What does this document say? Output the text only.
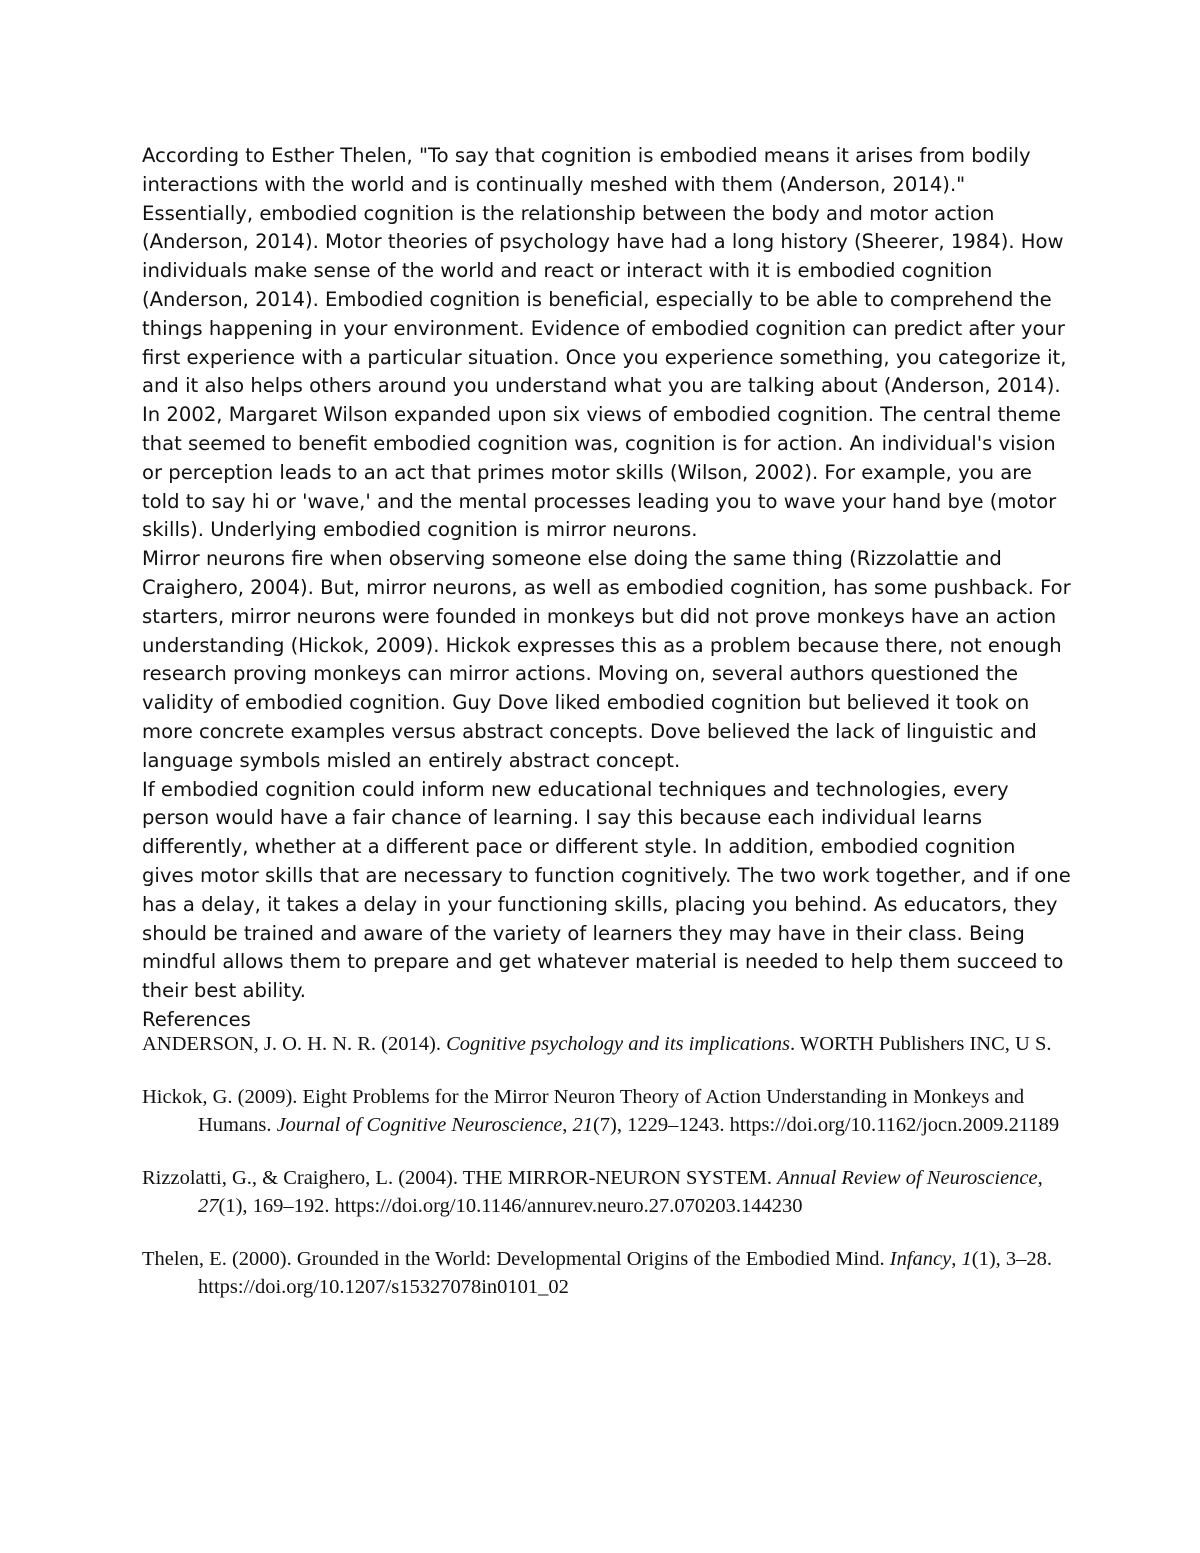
According to Esther Thelen, "To say that cognition is embodied means it arises from bodily interactions with the world and is continually meshed with them (Anderson, 2014)." Essentially, embodied cognition is the relationship between the body and motor action (Anderson, 2014). Motor theories of psychology have had a long history (Sheerer, 1984). How individuals make sense of the world and react or interact with it is embodied cognition (Anderson, 2014). Embodied cognition is beneficial, especially to be able to comprehend the things happening in your environment. Evidence of embodied cognition can predict after your first experience with a particular situation. Once you experience something, you categorize it, and it also helps others around you understand what you are talking about (Anderson, 2014). In 2002, Margaret Wilson expanded upon six views of embodied cognition. The central theme that seemed to benefit embodied cognition was, cognition is for action. An individual's vision or perception leads to an act that primes motor skills (Wilson, 2002). For example, you are told to say hi or 'wave,' and the mental processes leading you to wave your hand bye (motor skills). Underlying embodied cognition is mirror neurons.

Mirror neurons fire when observing someone else doing the same thing (Rizzolattie and Craighero, 2004). But, mirror neurons, as well as embodied cognition, has some pushback. For starters, mirror neurons were founded in monkeys but did not prove monkeys have an action understanding (Hickok, 2009). Hickok expresses this as a problem because there, not enough research proving monkeys can mirror actions. Moving on, several authors questioned the validity of embodied cognition. Guy Dove liked embodied cognition but believed it took on more concrete examples versus abstract concepts. Dove believed the lack of linguistic and language symbols misled an entirely abstract concept.

If embodied cognition could inform new educational techniques and technologies, every person would have a fair chance of learning. I say this because each individual learns differently, whether at a different pace or different style. In addition, embodied cognition gives motor skills that are necessary to function cognitively. The two work together, and if one has a delay, it takes a delay in your functioning skills, placing you behind. As educators, they should be trained and aware of the variety of learners they may have in their class. Being mindful allows them to prepare and get whatever material is needed to help them succeed to their best ability.

References

ANDERSON, J. O. H. N. R. (2014). Cognitive psychology and its implications. WORTH Publishers INC, U S.

Hickok, G. (2009). Eight Problems for the Mirror Neuron Theory of Action Understanding in Monkeys and Humans. Journal of Cognitive Neuroscience, 21(7), 1229–1243. https://doi.org/10.1162/jocn.2009.21189

Rizzolatti, G., & Craighero, L. (2004). THE MIRROR-NEURON SYSTEM. Annual Review of Neuroscience, 27(1), 169–192. https://doi.org/10.1146/annurev.neuro.27.070203.144230

Thelen, E. (2000). Grounded in the World: Developmental Origins of the Embodied Mind. Infancy, 1(1), 3–28. https://doi.org/10.1207/s15327078in0101_02
